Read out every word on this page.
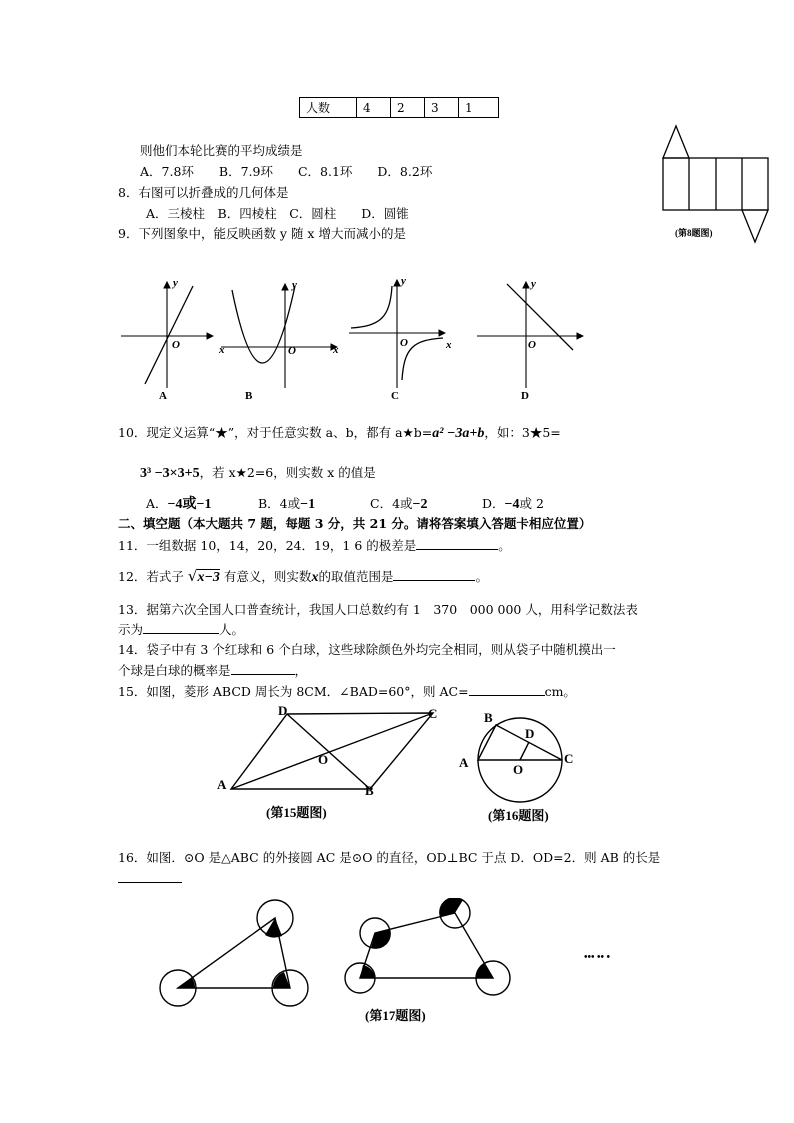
人数	4	2	3	1
则他们本轮比赛的平均成绩是
A．7.8环　　B．7.9环　　C．8.1环　　D．8.2环
8．右图可以折叠成的几何体是
A．三棱柱　B．四棱柱　C．圆柱　　D．圆锥
(第8题图)
9．下列图象中，能反映函数 y 随 x 增大而减小的是
y
O	x
y
O	x
y
O	x
y
O
A	B	C	D
10．现定义运算“★”，对于任意实数 a、b，都有 a★b=a² −3a+b，如：3★5=
3³ −3×3+5，若 x★2=6，则实数 x 的值是
A．−4或−1	B．4或−1	C．4或−2	D．−4或 2
二、填空题（本大题共 7 题，每题 3 分，共 21 分。请将答案填入答题卡相应位置）
11．一组数据 10，14，20，24．19，1 6 的极差是	。
12．若式子 √x−3 有意义，则实数x的取值范围是	。
13．据第六次全国人口普查统计，我国人口总数约有 1　370　000 000 人，用科学记数法表
示为	人。
14．袋子中有 3 个红球和 6 个白球，这些球除颜色外均完全相同，则从袋子中随机摸出一
个球是白球的概率是	，
15．如图，菱形 ABCD 周长为 8CM．∠BAD=60°，则 AC=	cm。
A	B
C
D
O
(第15题图)
A
B
C
D
O
(第16题图)
16．如图．⊙O 是△ABC 的外接圆 AC 是⊙O 的直径，OD⊥BC 于点 D．OD=2．则 AB 的长是
(第17题图)
••• •• •
